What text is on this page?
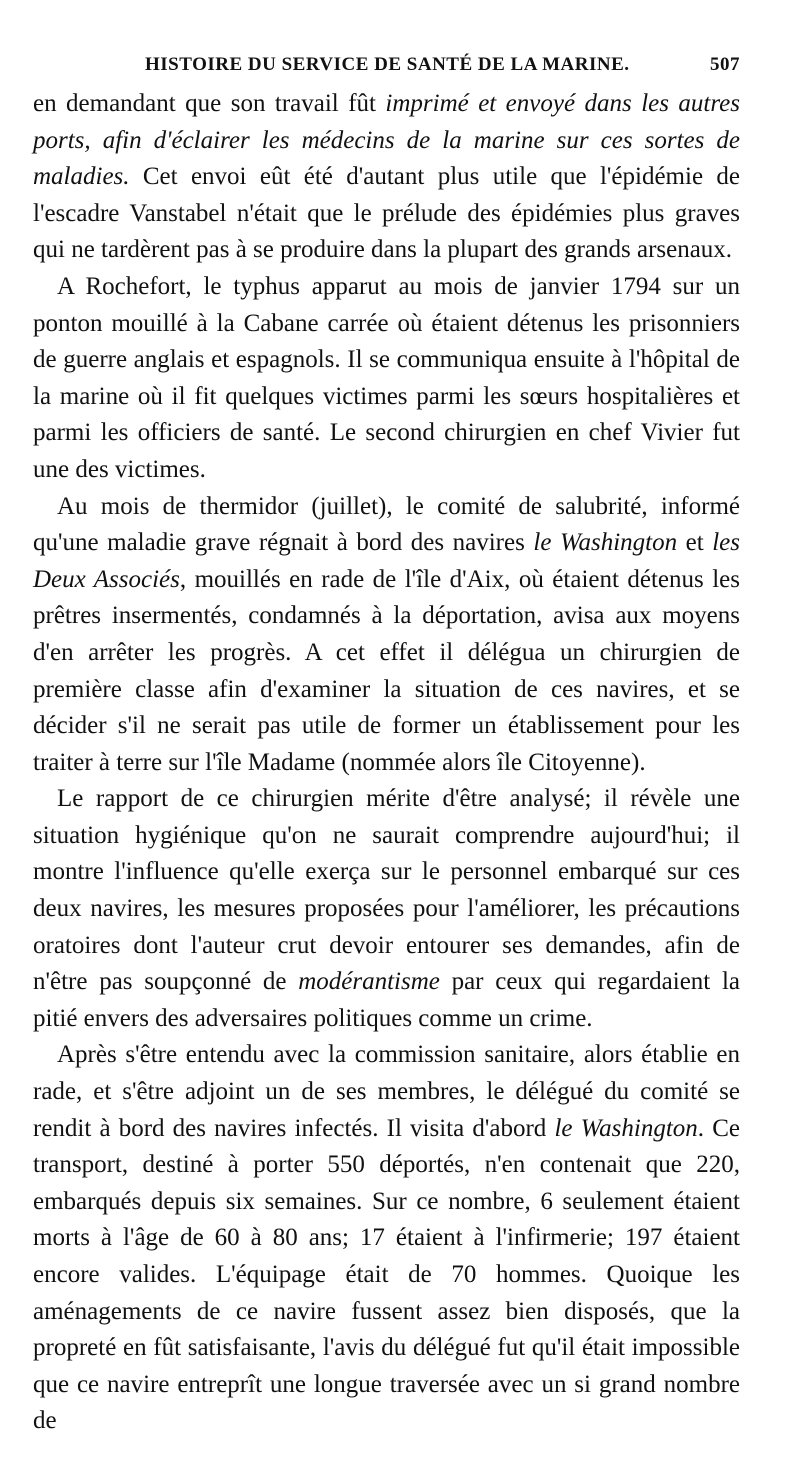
HISTOIRE DU SERVICE DE SANTÉ DE LA MARINE.	507

en demandant que son travail fût imprimé et envoyé dans les autres ports, afin d'éclairer les médecins de la marine sur ces sortes de maladies. Cet envoi eût été d'autant plus utile que l'épidémie de l'escadre Vanstabel n'était que le prélude des épidémies plus graves qui ne tardèrent pas à se produire dans la plupart des grands arsenaux.

A Rochefort, le typhus apparut au mois de janvier 1794 sur un ponton mouillé à la Cabane carrée où étaient détenus les prisonniers de guerre anglais et espagnols. Il se communiqua ensuite à l'hôpital de la marine où il fit quelques victimes parmi les sœurs hospitalières et parmi les officiers de santé. Le second chirurgien en chef Vivier fut une des victimes.

Au mois de thermidor (juillet), le comité de salubrité, informé qu'une maladie grave régnait à bord des navires le Washington et les Deux Associés, mouillés en rade de l'île d'Aix, où étaient détenus les prêtres insermentés, condamnés à la déportation, avisa aux moyens d'en arrêter les progrès. A cet effet il délégua un chirurgien de première classe afin d'examiner la situation de ces navires, et se décider s'il ne serait pas utile de former un établissement pour les traiter à terre sur l'île Madame (nommée alors île Citoyenne).

Le rapport de ce chirurgien mérite d'être analysé; il révèle une situation hygiénique qu'on ne saurait comprendre aujourd'hui; il montre l'influence qu'elle exerça sur le personnel embarqué sur ces deux navires, les mesures proposées pour l'améliorer, les précautions oratoires dont l'auteur crut devoir entourer ses demandes, afin de n'être pas soupçonné de modérantisme par ceux qui regardaient la pitié envers des adversaires politiques comme un crime.

Après s'être entendu avec la commission sanitaire, alors établie en rade, et s'être adjoint un de ses membres, le délégué du comité se rendit à bord des navires infectés. Il visita d'abord le Washington. Ce transport, destiné à porter 550 déportés, n'en contenait que 220, embarqués depuis six semaines. Sur ce nombre, 6 seulement étaient morts à l'âge de 60 à 80 ans; 17 étaient à l'infirmerie; 197 étaient encore valides. L'équipage était de 70 hommes. Quoique les aménagements de ce navire fussent assez bien disposés, que la propreté en fût satisfaisante, l'avis du délégué fut qu'il était impossible que ce navire entreprît une longue traversée avec un si grand nombre de
